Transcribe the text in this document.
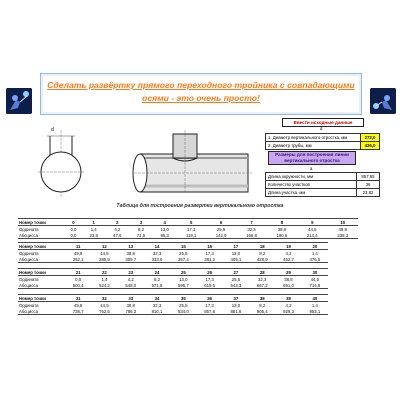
Сделать развёртку прямого переходного тройника с совпадающими
осями - это очень просто!
d
Ввести исходные данные
d
1. Диаметр вертикального отростка, мм	273,0
2. Диаметр трубы, мм	426,0
Размеры для построения линии вертикального отростка
a
Длина окружности, мм	857,65
Количество участков	36
Длина участка, мм	23,82
Таблица для построения развертки вертикального отростка
Номер точки	0	1	2	3	4	5	6	7	8	9	10
Ордината	0,0	1,4	4,2	8,2	13,0	17,3	25,5	32,3	38,8	44,5	49,9
Абсцисса	0,0	23,8	47,6	71,5	95,3	119,1	142,9	166,8	190,6	214,4	238,3
Номер точки	11	12	13	14	15	16	17	18	19	20
Ордината	49,9	44,5	38,8	32,3	25,5	17,3	13,0	8,2	4,2	1,4
Абсцисса	262,1	285,9	309,7	333,6	357,4	381,2	405,1	428,9	452,7	476,5
Номер точки	21	22	23	24	25	26	27	28	29	30
Ордината	0,0	1,4	4,2	8,2	13,0	17,3	25,5	32,3	38,8	44,5
Абсцисса	500,4	524,2	548,0	571,8	595,7	619,5	643,3	667,2	691,0	714,8
Номер точки	31	32	33	34	35	36	37	38	39	40
Ордината	49,9	44,5	38,8	32,3	25,5	17,3	13,0	8,2	4,2	1,4
Абсцисса	738,7	762,5	786,3	810,1	834,0	857,8	881,6	905,4	929,3	953,1
